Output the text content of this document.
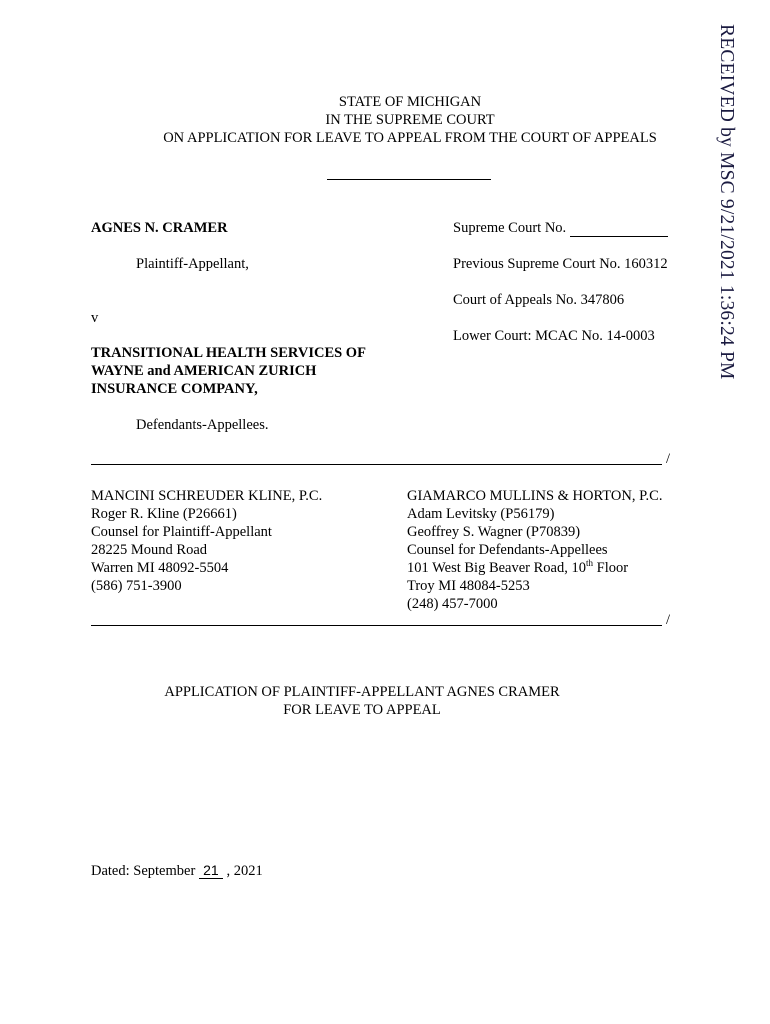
RECEIVED by MSC 9/21/2021 1:36:24 PM
STATE OF MICHIGAN
IN THE SUPREME COURT
ON APPLICATION FOR LEAVE TO APPEAL FROM THE COURT OF APPEALS
AGNES N. CRAMER
Plaintiff-Appellant,
v
TRANSITIONAL HEALTH SERVICES OF
WAYNE and AMERICAN ZURICH
INSURANCE COMPANY,
Defendants-Appellees.
Supreme Court No.
Previous Supreme Court No. 160312
Court of Appeals No. 347806
Lower Court: MCAC No. 14-0003
/
MANCINI SCHREUDER KLINE, P.C.
Roger R. Kline (P26661)
Counsel for Plaintiff-Appellant
28225 Mound Road
Warren MI 48092-5504
(586) 751-3900
GIAMARCO MULLINS & HORTON, P.C.
Adam Levitsky (P56179)
Geoffrey S. Wagner (P70839)
Counsel for Defendants-Appellees
101 West Big Beaver Road, 10th Floor
Troy MI 48084-5253
(248) 457-7000
/
APPLICATION OF PLAINTIFF-APPELLANT AGNES CRAMER
FOR LEAVE TO APPEAL
Dated: September 21 , 2021
